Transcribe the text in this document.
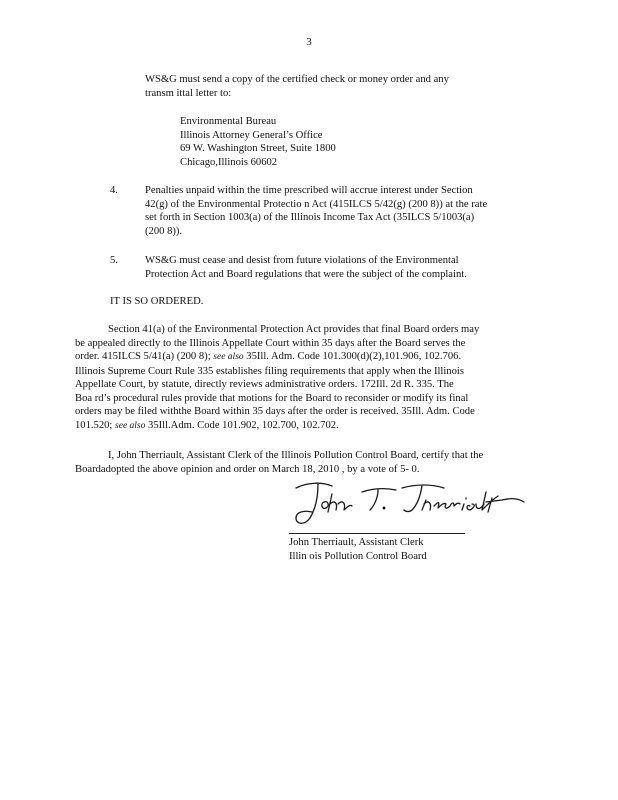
3
WS&G must send a copy of the certified check or money order and any
transm ittal letter to:
Environmental Bureau
Illinois Attorney General’s Office
69 W. Washington Street, Suite 1800
Chicago,Illinois 60602
4.	Penalties unpaid within the time prescribed will accrue interest under Section
42(g) of the Environmental Protectio n Act (415ILCS 5/42(g) (200 8)) at the rate
set forth in Section 1003(a) of the Illinois Income Tax Act (35ILCS 5/1003(a)
(200 8)).
5.	WS&G must cease and desist from future violations of the Environmental
Protection Act and Board regulations that were the subject of the complaint.
IT IS SO ORDERED.
Section 41(a) of the Environmental Protection Act provides that final Board orders may
be appealed directly to the Illinois Appellate Court within 35 days after the Board serves the
order. 415ILCS 5/41(a) (200 8); see also 35Ill. Adm. Code 101.300(d)(2),101.906, 102.706.
Illinois Supreme Court Rule 335 establishes filing requirements that apply when the Illinois
Appellate Court, by statute, directly reviews administrative orders. 172Ill. 2d R. 335. The
Boa rd’s procedural rules provide that motions for the Board to reconsider or modify its final
orders may be filed withthe Board within 35 days after the order is received. 35Ill. Adm. Code
101.520; see also 35Ill.Adm. Code 101.902, 102.700, 102.702.
I, John Therriault, Assistant Clerk of the Illinois Pollution Control Board, certify that the
Boardadopted the above opinion and order on March 18, 2010 , by a vote of 5- 0.
John Therriault, Assistant Clerk
Illin ois Pollution Control Board
